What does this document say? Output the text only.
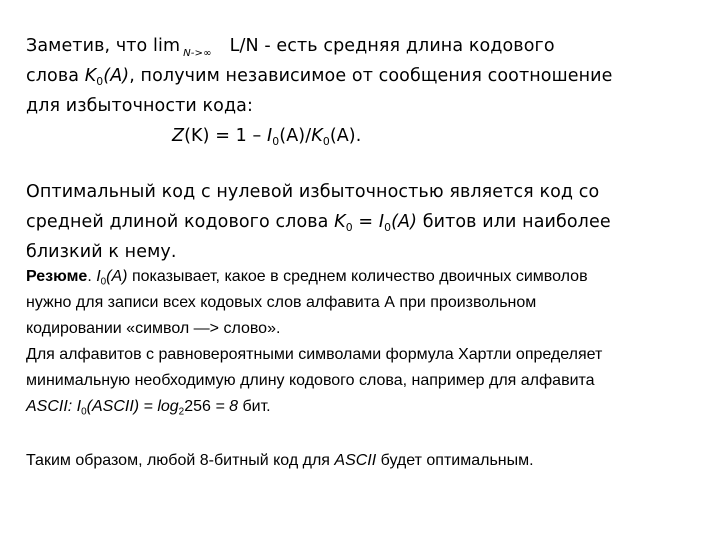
Заметив, что lim $_{N->\infty}$ L/N - есть средняя длина кодового
слова $K_0(A)$, получим независимое от сообщения соотношение
для избыточности кода:
$Z(K) = 1 - I_0(A)/K_0(A)$.
Оптимальный код с нулевой избыточностью является код со
средней длиной кодового слова $K_0 = I_0(A)$ битов или наиболее
близкий к нему.
Резюме. $I_0(A)$ показывает, какое в среднем количество двоичных символов
нужно для записи всех кодовых слов алфавита А при произвольном
кодировании «символ —> слово».
Для алфавитов с равновероятными символами формула Хартли определяет
минимальную необходимую длину кодового слова, например для алфавита
ASCII: $I_0(ASCII) = \log_2256 = 8$ бит.
Таким образом, любой 8-битный код для ASCII будет оптимальным.
